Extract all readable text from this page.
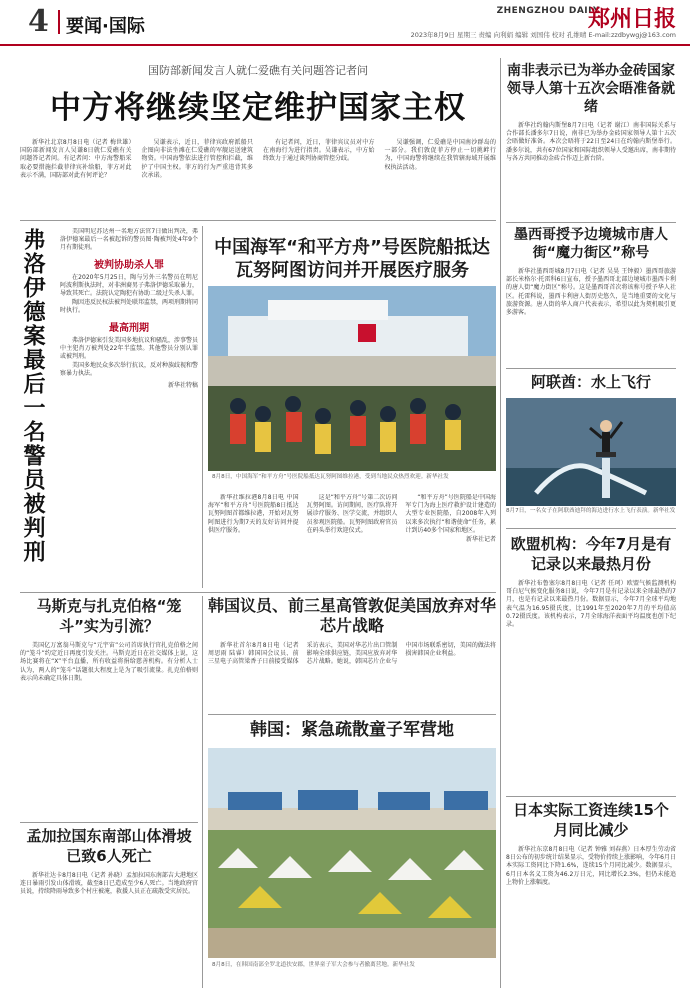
4 要闻·国际
ZHENGZHOU DAILY
郑州日报
2023年8月9日 星期三 责编 向利娟 编辑 刘国伟 校对 孔维晴 E-mail:zzdbywgj@163.com
国防部新闻发言人就仁爱礁有关问题答记者问
中方将继续坚定维护国家主权

新华社北京8月8日电（记者 梅世雄）国防部新闻发言人吴谦8日就仁爱礁有关问题答记者问。有记者问：中方海警船采取必要措施拦截菲律宾补给船，菲方对此表示不满，国防部对此有何评论？

吴谦表示，近日，菲律宾政府派船只企图向非法坐滩在仁爱礁的军舰运送建筑物资。中国海警依法进行管控和拦截，维护了中国主权。菲方的行为严重违背其多次承诺。

有记者问，近日，菲律宾议员对中方在南海行为进行指责。吴谦表示，中方始终致力于通过谈判协商管控分歧。

吴谦强调，仁爱礁是中国南沙群岛的一部分。我们敦促菲方停止一切挑衅行为，中国海警将继续在我管辖海域开展维权执法活动。

弗洛伊德案最后一名警员被判刑	美国明尼苏达州一名地方法官7日做出判决，弗洛伊德案最后一名被起诉的警员图·陶被判处4年9个月有期徒刑。

被判协助杀人罪

在2020年5月25日，陶与另外三名警员在明尼阿波利斯执法时，对非洲裔男子弗洛伊德采取暴力，导致其死亡。法院认定陶犯有协助二级过失杀人罪。

陶因违反民权法被判处联邦监禁，两项刑期将同时执行。

最高刑期

弗洛伊德案引发美国多地抗议和骚乱，涉事警员中主犯肖万被判处22年半监禁。其他警员分别认罪或被判刑。

美国多地民众多次举行抗议，反对种族歧视和警察暴力执法。

新华社特稿
中国海军“和平方舟”号医院船抵达瓦努阿图访问并开展医疗服务
8月8日，中国海军“和平方舟”号医院船抵达瓦努阿图维拉港，受到当地民众热烈欢迎。新华社发

新华社维拉港8月8日电 中国海军“和平方舟”号医院船8日抵达瓦努阿图首都维拉港，开始对瓦努阿图进行为期7天的友好访问并提供医疗服务。

这是“和平方舟”号第二次访问瓦努阿图。访问期间，医疗队将开展诊疗服务、医学交流，并组织人员参观医院船。瓦努阿图政府官员在码头举行欢迎仪式。

“和平方舟”号医院船是中国海军专门为海上医疗救护设计建造的大型专业医院船，自2008年入列以来多次执行“和谐使命”任务，累计到访40多个国家和地区。

新华社记者

南非表示已为举办金砖国家领导人第十五次会晤准备就绪

新华社约翰内斯堡8月7日电（记者 谢江）南非国际关系与合作部长潘多尔7日说，南非已为举办金砖国家领导人第十五次会晤做好准备。本次会晤将于22日至24日在约翰内斯堡举行。潘多尔说，共有67位国家和国际组织领导人受邀出席，南非期待与各方共同推动金砖合作迈上新台阶。

墨西哥授予边境城市唐人街“魔力街区”称号

新华社墨西哥城8月7日电（记者 吴昊 王钟毅）墨西哥旅游部长米格尔·托雷科6日宣布，授予墨西哥北部边境城市墨西卡利的唐人街“魔力街区”称号。这是墨西哥首次将该称号授予华人社区。托雷科说，墨西卡利唐人街历史悠久，是当地重要的文化与旅游资源。唐人街的华人商户代表表示，希望以此为契机吸引更多游客。

阿联酋：水上飞行
8月7日，一名女子在阿联酋迪拜的海边进行水上飞行表演。新华社发
欧盟机构：今年7月是有记录以来最热月份

新华社布鲁塞尔8月8日电（记者 任珂）欧盟气候监测机构哥白尼气候变化服务8日说，今年7月是有记录以来全球最热的7月，也是有记录以来最热月份。数据显示，今年7月全球平均地表气温为16.95摄氏度，比1991年至2020年7月的平均值高0.72摄氏度。该机构表示，7月全球海洋表面平均温度也创下纪录。

日本实际工资连续15个月同比减少

新华社东京8月8日电（记者 钟雅 刘春燕）日本厚生劳动省8日公布的初步统计结果显示，受物价持续上涨影响，今年6月日本实际工资同比下降1.6%，连续15个月同比减少。数据显示，6月日本名义工资为46.2万日元，同比增长2.3%，但仍未能追上物价上涨幅度。

马斯克与扎克伯格“笼斗”实为引流？

美国亿万富翁马斯克与“元宇宙”公司首席执行官扎克伯格之间的“笼斗”约定近日再度引发关注。马斯克近日在社交媒体上说，这场比赛将在“X”平台直播，所有收益将捐给慈善机构。有分析人士认为，两人的“笼斗”话题很大程度上是为了吸引流量。扎克伯格则表示尚未确定具体日期。

孟加拉国东南部山体滑坡已致6人死亡

新华社达卡8月8日电（记者 孙晓）孟加拉国东南部吉大港地区连日暴雨引发山体滑坡，截至8日已造成至少6人死亡。当地政府官员说，持续降雨导致多个村庄被淹，救援人员正在疏散受灾居民。

韩国议员、前三星高管敦促美国放弃对华芯片战略

新华社首尔8月8日电（记者 周思雨 陆睿）韩国国会议员、前三星电子高管梁香子日前接受媒体采访表示，美国对华芯片出口管制影响全球供应链，美国应放弃对华芯片战略。她说，韩国芯片企业与中国市场联系密切，美国的做法将损害韩国企业利益。

韩国：紧急疏散童子军营地
8月8日，在韩国南部全罗北道扶安郡，世界童子军大会参与者撤离营地。新华社发
